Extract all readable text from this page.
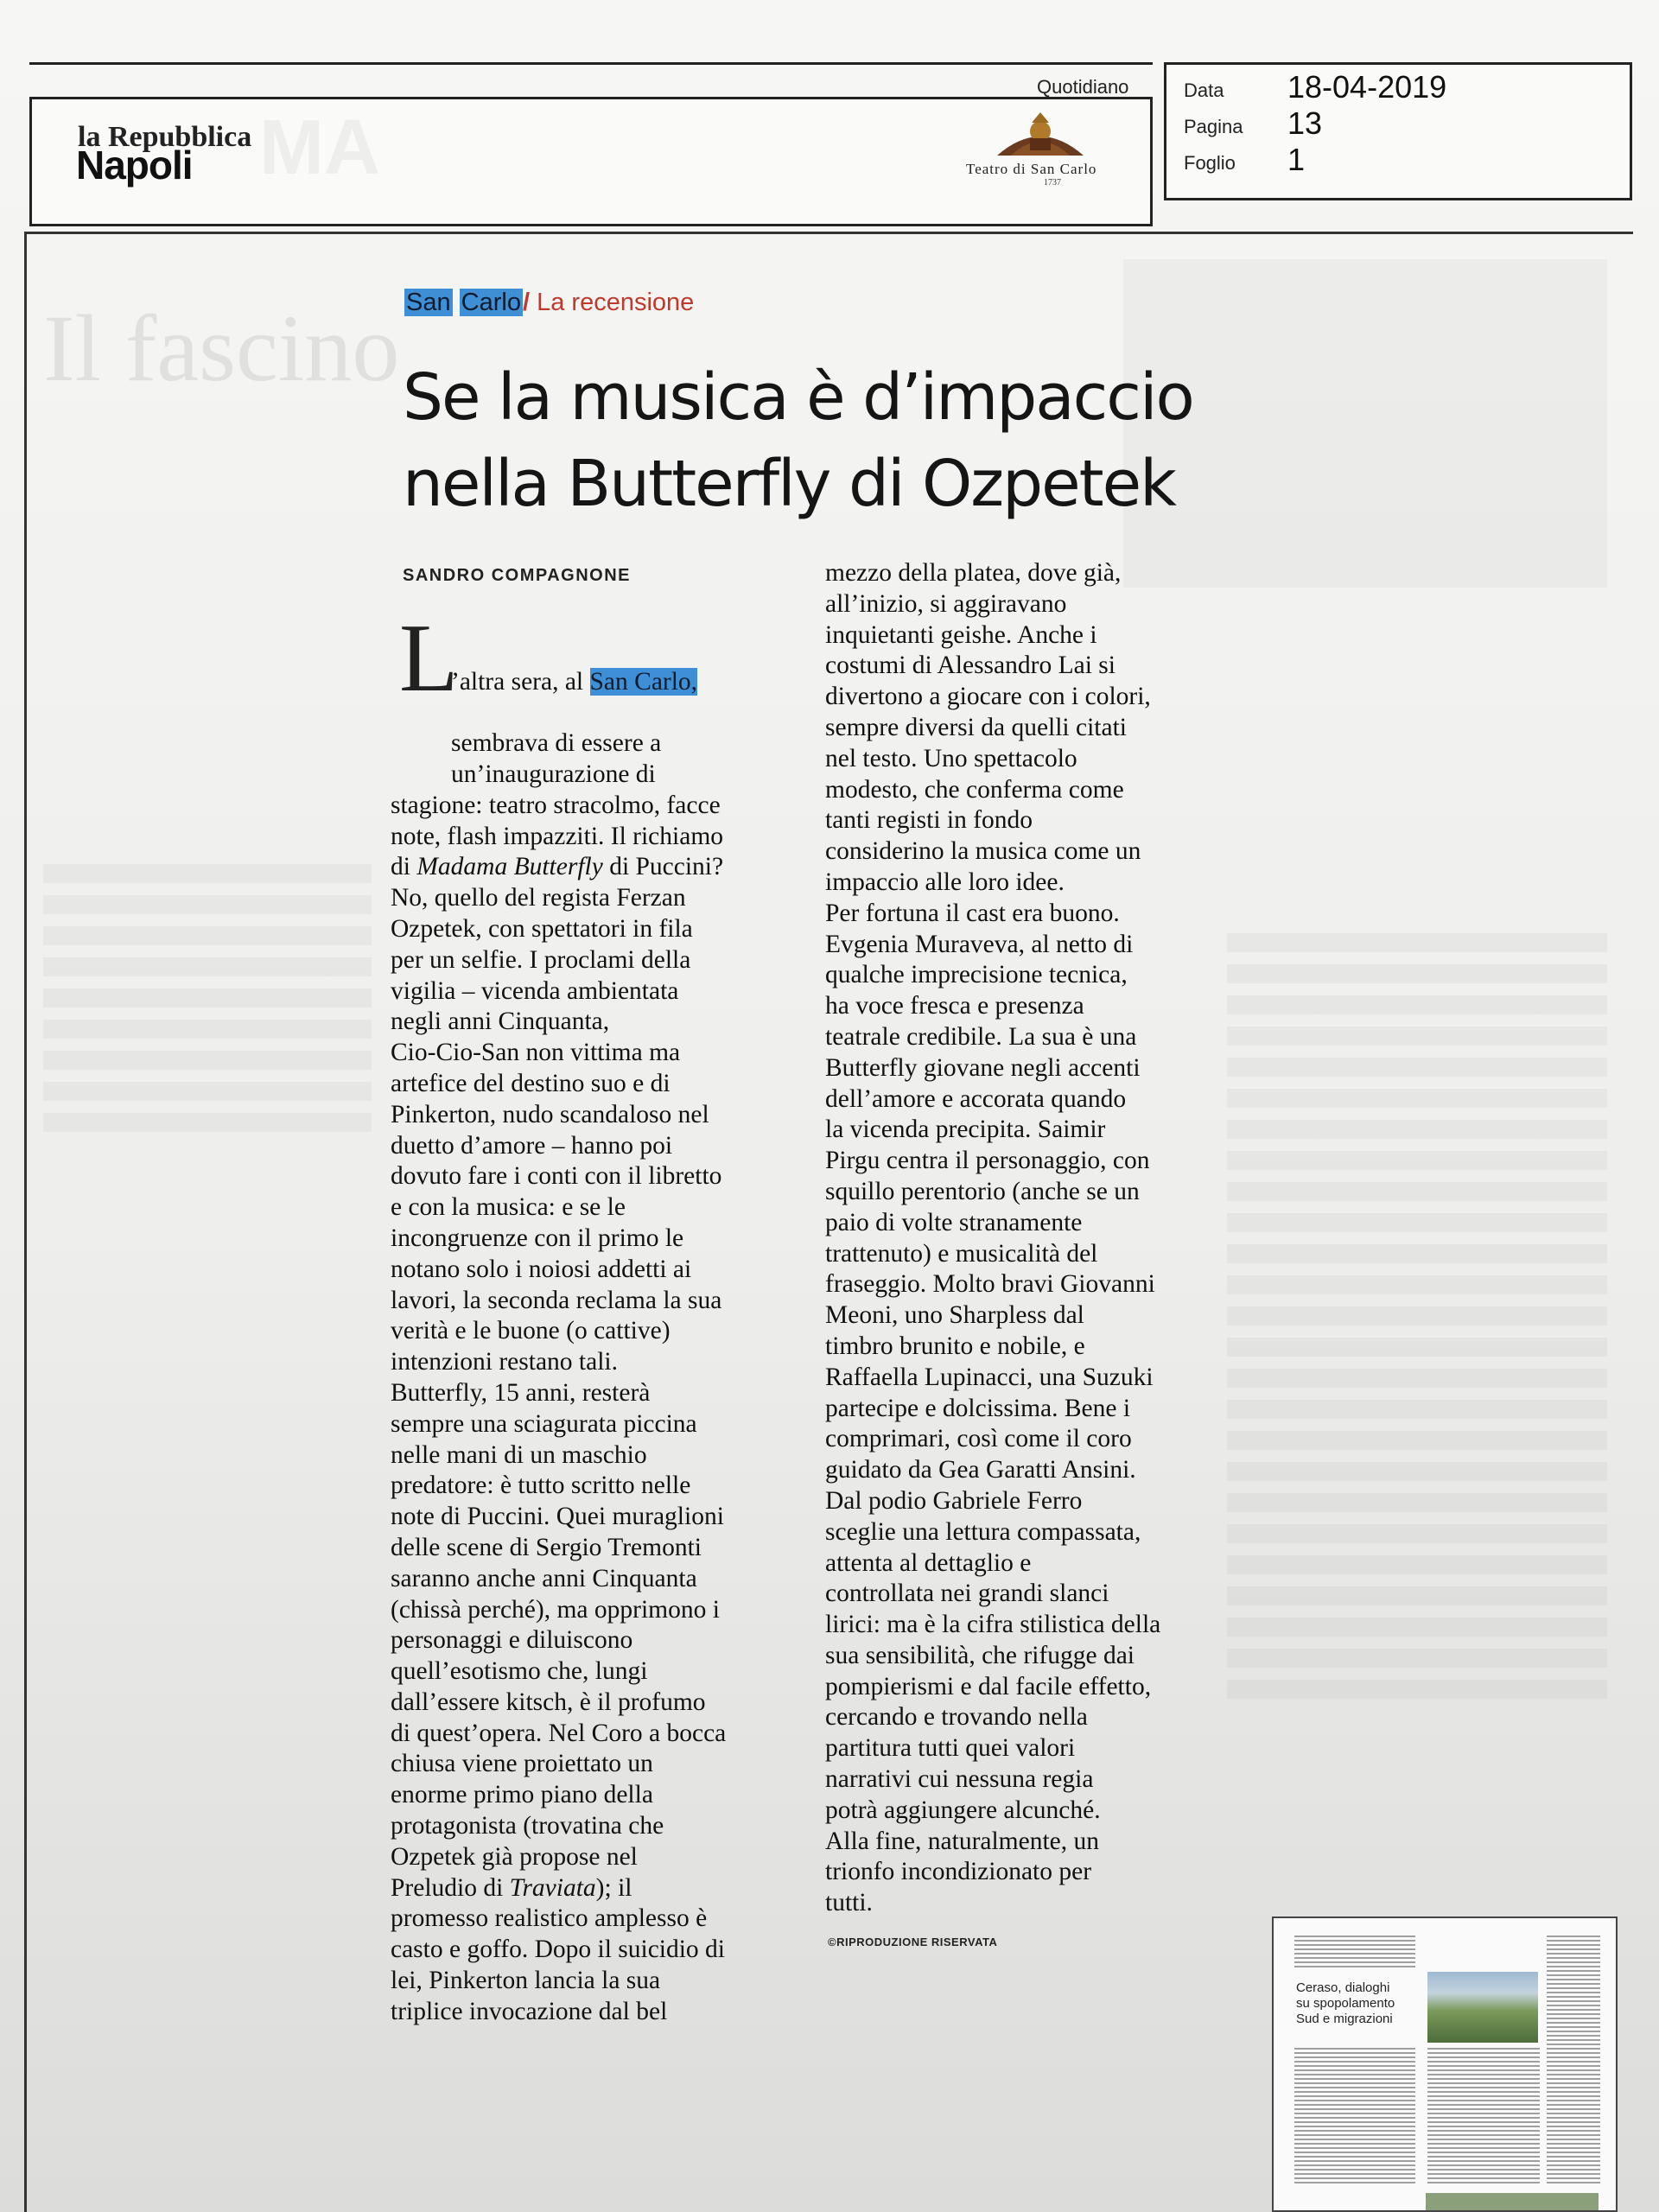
MA
la Repubblica
Napoli
Quotidiano
Teatro di San Carlo
1737
Data 18-04-2019
Pagina 13
Foglio 1
Il fascino San Carlo/ La recensione
Se la musica è d’impaccio
nella Butterfly di Ozpetek
SANDRO COMPAGNONE
L

’altra sera, al San Carlo,

sembrava di essere a
un’inaugurazione di
stagione: teatro stracolmo, facce
note, flash impazziti. Il richiamo
di Madama Butterfly di Puccini?
No, quello del regista Ferzan
Ozpetek, con spettatori in fila
per un selfie. I proclami della
vigilia – vicenda ambientata
negli anni Cinquanta,
Cio-Cio-San non vittima ma
artefice del destino suo e di
Pinkerton, nudo scandaloso nel
duetto d’amore – hanno poi
dovuto fare i conti con il libretto
e con la musica: e se le
incongruenze con il primo le
notano solo i noiosi addetti ai
lavori, la seconda reclama la sua
verità e le buone (o cattive)
intenzioni restano tali.
Butterfly, 15 anni, resterà
sempre una sciagurata piccina
nelle mani di un maschio
predatore: è tutto scritto nelle
note di Puccini. Quei muraglioni
delle scene di Sergio Tremonti
saranno anche anni Cinquanta
(chissà perché), ma opprimono i
personaggi e diluiscono
quell’esotismo che, lungi
dall’essere kitsch, è il profumo
di quest’opera. Nel Coro a bocca
chiusa viene proiettato un
enorme primo piano della
protagonista (trovatina che
Ozpetek già propose nel
Preludio di Traviata); il
promesso realistico amplesso è
casto e goffo. Dopo il suicidio di
lei, Pinkerton lancia la sua
triplice invocazione dal bel
mezzo della platea, dove già,
all’inizio, si aggiravano
inquietanti geishe. Anche i
costumi di Alessandro Lai si
divertono a giocare con i colori,
sempre diversi da quelli citati
nel testo. Uno spettacolo
modesto, che conferma come
tanti registi in fondo
considerino la musica come un
impaccio alle loro idee.
Per fortuna il cast era buono.
Evgenia Muraveva, al netto di
qualche imprecisione tecnica,
ha voce fresca e presenza
teatrale credibile. La sua è una
Butterfly giovane negli accenti
dell’amore e accorata quando
la vicenda precipita. Saimir
Pirgu centra il personaggio, con
squillo perentorio (anche se un
paio di volte stranamente
trattenuto) e musicalità del
fraseggio. Molto bravi Giovanni
Meoni, uno Sharpless dal
timbro brunito e nobile, e
Raffaella Lupinacci, una Suzuki
partecipe e dolcissima. Bene i
comprimari, così come il coro
guidato da Gea Garatti Ansini.
Dal podio Gabriele Ferro
sceglie una lettura compassata,
attenta al dettaglio e
controllata nei grandi slanci
lirici: ma è la cifra stilistica della
sua sensibilità, che rifugge dai
pompierismi e dal facile effetto,
cercando e trovando nella
partitura tutti quei valori
narrativi cui nessuna regia
potrà aggiungere alcunché.
Alla fine, naturalmente, un
trionfo incondizionato per
tutti.
©RIPRODUZIONE RISERVATA
Ceraso, dialoghi
su spopolamento
Sud e migrazioni
